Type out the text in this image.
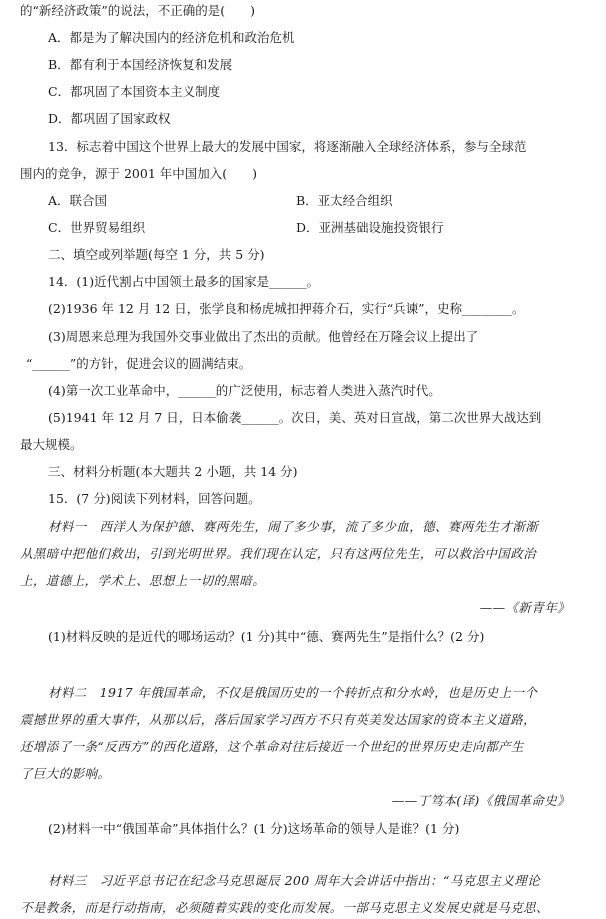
的“新经济政策”的说法，不正确的是(　　)
A．都是为了解决国内的经济危机和政治危机
B．都有利于本国经济恢复和发展
C．都巩固了本国资本主义制度
D．都巩固了国家政权
13．标志着中国这个世界上最大的发展中国家，将逐渐融入全球经济体系，参与全球范
围内的竞争，源于 2001 年中国加入(　　)
A．联合国	B．亚太经合组织
C．世界贸易组织	D．亚洲基础设施投资银行
二、填空或列举题(每空 1 分，共 5 分)
14．(1)近代割占中国领土最多的国家是______。
(2)1936 年 12 月 12 日，张学良和杨虎城扣押蒋介石，实行“兵谏”，史称________。
(3)周恩来总理为我国外交事业做出了杰出的贡献。他曾经在万隆会议上提出了
“______”的方针，促进会议的圆满结束。
(4)第一次工业革命中，______的广泛使用，标志着人类进入蒸汽时代。
(5)1941 年 12 月 7 日，日本偷袭______。次日，美、英对日宣战，第二次世界大战达到
最大规模。
三、材料分析题(本大题共 2 小题，共 14 分)
15．(7 分)阅读下列材料，回答问题。
材料一　西洋人为保护德、赛两先生，闹了多少事，流了多少血，德、赛两先生才渐渐
从黑暗中把他们救出，引到光明世界。我们现在认定，只有这两位先生，可以救治中国政治
上，道德上，学术上、思想上一切的黑暗。
——《新青年》
(1)材料反映的是近代的哪场运动？(1 分)其中“德、赛两先生”是指什么？(2 分)
材料二　1917 年俄国革命，不仅是俄国历史的一个转折点和分水岭，也是历史上一个
震撼世界的重大事件，从那以后，落后国家学习西方不只有英美发达国家的资本主义道路，
还增添了一条“反西方”的西化道路，这个革命对往后接近一个世纪的世界历史走向都产生
了巨大的影响。
——丁笃本(译)《俄国革命史》
(2)材料一中“俄国革命”具体指什么？(1 分)这场革命的领导人是谁？(1 分)
材料三　习近平总书记在纪念马克思诞辰 200 周年大会讲话中指出：“马克思主义理论
不是教条，而是行动指南，必须随着实践的变化而发展。一部马克思主义发展史就是马克思、
